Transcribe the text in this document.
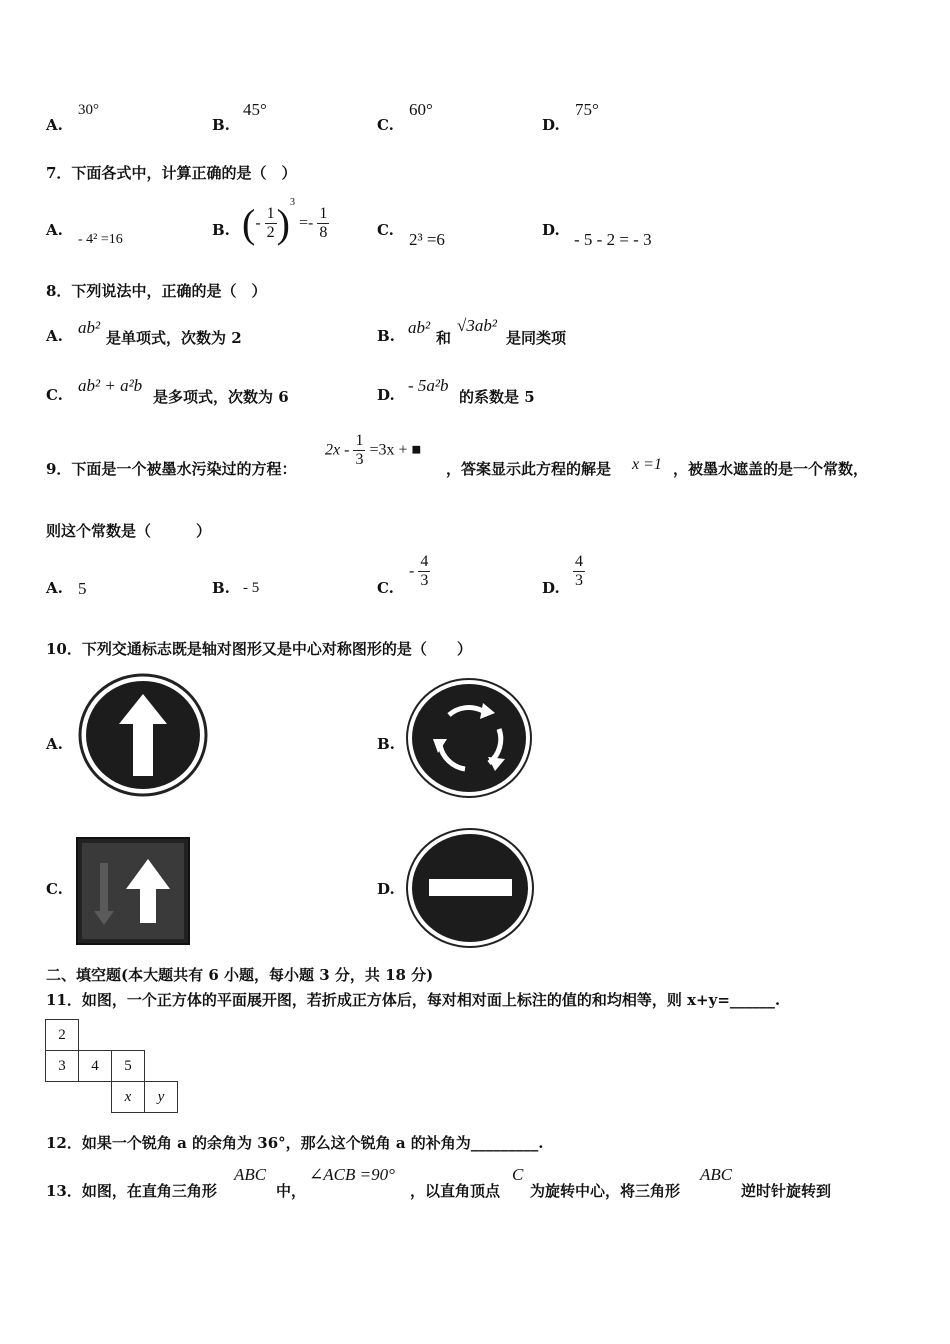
A.
30°
B.
45°
C.
60°
D.
75°
7．下面各式中，计算正确的是（　）
A.
- 4² =16
B. (- $\frac{1}{2} )^3 =- \frac{1}{8}$	C. 2³ =6	D. - 5 - 2 = - 3
8．下列说法中，正确的是（　）
A. ab²
是单项式，次数为 2	B. ab²
和
√3ab²
是同类项
C. ab² + a²b
是多项式，次数为 6	D. - 5a²b
的系数是 5
9．下面是一个被墨水污染过的方程：
$2x - \frac{1}{3} =3x$ + ■
，答案显示此方程的解是 x =1 ，被墨水遮盖的是一个常数，
则这个常数是（　　　）
A. 5	B. - 5	C.
- $\frac{4}{3}$	D. $\frac{4}{3}$
10．下列交通标志既是轴对图形又是中心对称图形的是（　　）
A.	B.
C.	D.
二、填空题(本大题共有 6 小题，每小题 3 分，共 18 分)
11．如图，一个正方体的平面展开图，若折成正方体后，每对相对面上标注的值的和均相等，则 x+y=______.
2			
3	4	5	
		x	y
12．如果一个锐角 a 的余角为 36°，那么这个锐角 a 的补角为_________.
13．如图，在直角三角形
ABC
中，
∠ACB =90°
，以直角顶点
C
为旋转中心，将三角形
ABC
逆时针旋转到
